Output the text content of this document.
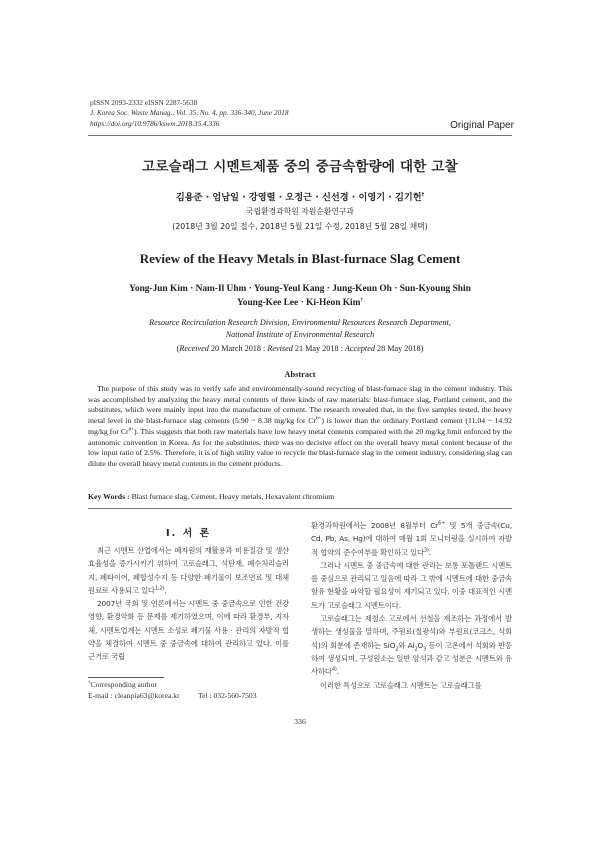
pISSN 2093-2332 eISSN 2287-5638
J. Korea Soc. Waste Manag., Vol. 35, No. 4, pp. 336-340, June 2018
https://doi.org/10.9786/kswm.2018.35.4.336	Original Paper
고로슬래그 시멘트제품 중의 중금속함량에 대한 고찰
김용준 · 엄남일 · 강영렬 · 오정근 · 신선경 · 이영기 · 김기헌†
국립환경과학원 자원순환연구과
(2018년 3월 20일 접수, 2018년 5월 21일 수정, 2018년 5월 28일 채택)
Review of the Heavy Metals in Blast-furnace Slag Cement
Yong-Jun Kim · Nam-Il Uhm · Young-Yeul Kang · Jung-Keun Oh · Sun-Kyoung Shin
Young-Kee Lee · Ki-Heon Kim†
Resource Recirculation Research Division, Environmental Resources Research Department,
National Institute of Environmental Research
(Received 20 March 2018 : Revised 21 May 2018 : Accepted 28 May 2018)
Abstract
The purpose of this study was to verify safe and environmentally-sound recycling of blast-furnace slag in the cement industry. This was accomplished by analyzing the heavy metal contents of three kinds of raw materials: blast-furnace slag, Portland cement, and the substitutes, which were mainly input into the manufacture of cement. The research revealed that, in the five samples tested, the heavy metal level in the blast-furnace slag cements (5.90 ~ 8.38 mg/kg for $Cr^{6+}$) is lower than the ordinary Portland cement (11.04 ~ 14.92 mg/kg for $Cr^{6+}$). This suggests that both raw materials have low heavy metal contents compared with the 20 mg/kg limit enforced by the autonomic convention in Korea. As for the substitutes, there was no decisive effect on the overall heavy metal content because of the low input ratio of 2.5%. Therefore, it is of high utility value to recycle the blast-furnace slag in the cement industry, considering slag can dilute the overall heavy metal contents in the cement products.
Key Words : Blast furnace slag, Cement, Heavy metals, Hexavalent chromium
I. 서 론

최근 시멘트 산업에서는 폐자원의 재활용과 비용절감 및 생산 효율성을 증가시키기 위하여 고로슬래그, 석탄재, 폐수처리슬러지, 폐타이어, 폐합성수지 등 다양한 폐기물이 보조연료 및 대체원료로 사용되고 있다$^{1,2)}$.

2007년 국회 및 언론에서는 시멘트 중 중금속으로 인한 건강영향, 환경악화 등 문제를 제기하였으며, 이에 따라 환경부, 지자체, 시멘트업계는 시멘트 소성로 폐기물 사용 · 관리의 자발적 협약을 체결하여 시멘트 중 중금속에 대하여 관리하고 있다. 이를 근거로 국립

환경과학원에서는 2008년 8월부터 $Cr^{6+}$ 및 5개 중금속(Cu, Cd, Pb, As, Hg)에 대하여 매월 1회 모니터링을 실시하여 자발적 협약의 준수여부를 확인하고 있다$^{3)}$.

그러나 시멘트 중 중금속에 대한 관리는 보통 포틀랜드 시멘트를 중심으로 관리되고 있음에 따라 그 밖에 시멘트에 대한 중금속 함유 현황을 파악할 필요성이 제기되고 있다. 이중 대표적인 시멘트가 고로슬래그 시멘트이다.

고로슬래그는 제철소 고로에서 선철을 제조하는 과정에서 발생하는 생성물을 말하며, 주원료(철광석)와 부원료(코크스, 석회석)의 회분에 존재하는 SiO$_2$와 $Al_2O_3$ 등이 고온에서 석회와 반응하여 생성되며, 구성원소는 일반 암석과 같고 성분은 시멘트와 유사하다$^{4)}$.

이러한 특성으로 고로슬래그 시멘트는 고로슬래그를

†Corresponding author
E-mail : cleanpia63@korea.kr Tel : 032-560-7503
336
